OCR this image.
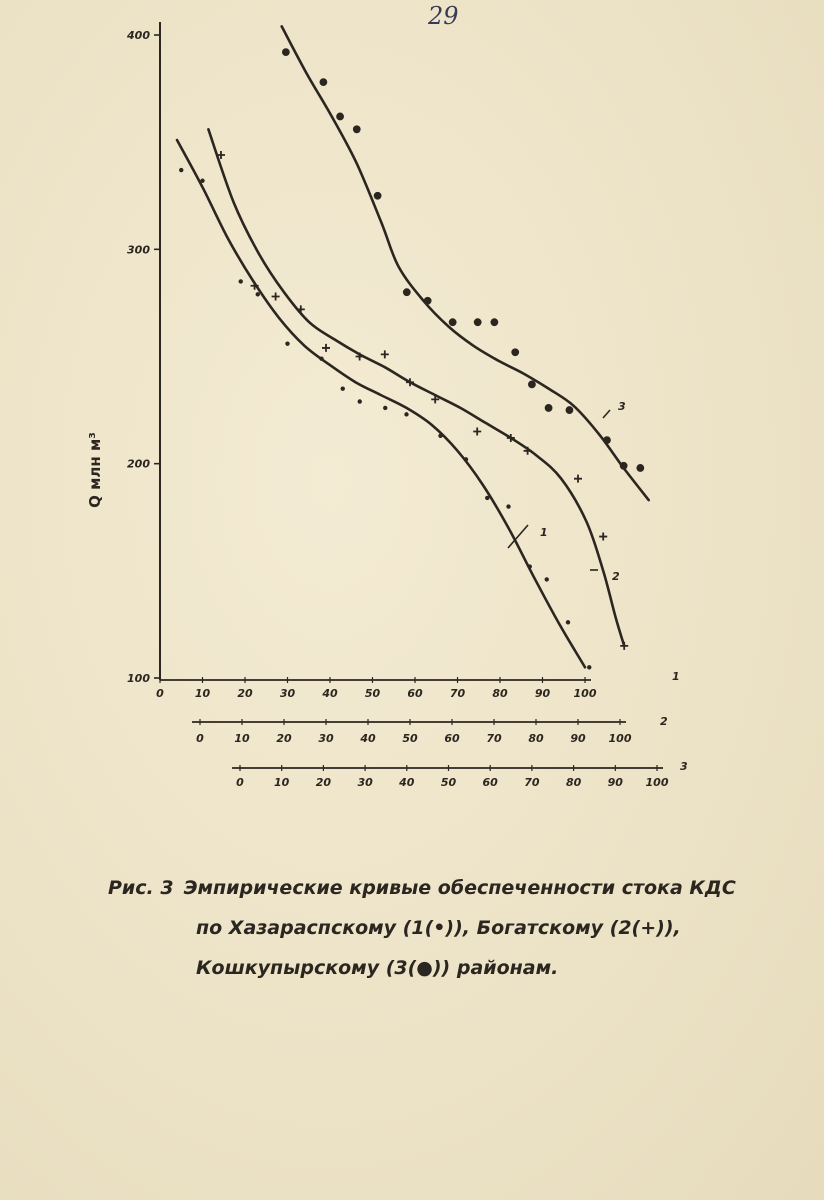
29
100
200
300
400
Q млн м³
0	10 20 30 40 50 60 70 80 90 100
1
0	10 20 30 40 50 60 70 80 90 100
2
0	10 20 30 40 50 60 70 80 90 100
3
1
2
3
Рис. 3 Эмпирические кривые обеспеченности стока КДС
по Хазараспскому (1(•)), Богатскому (2(+)),
Кошкупырскому (3(●)) районам.
